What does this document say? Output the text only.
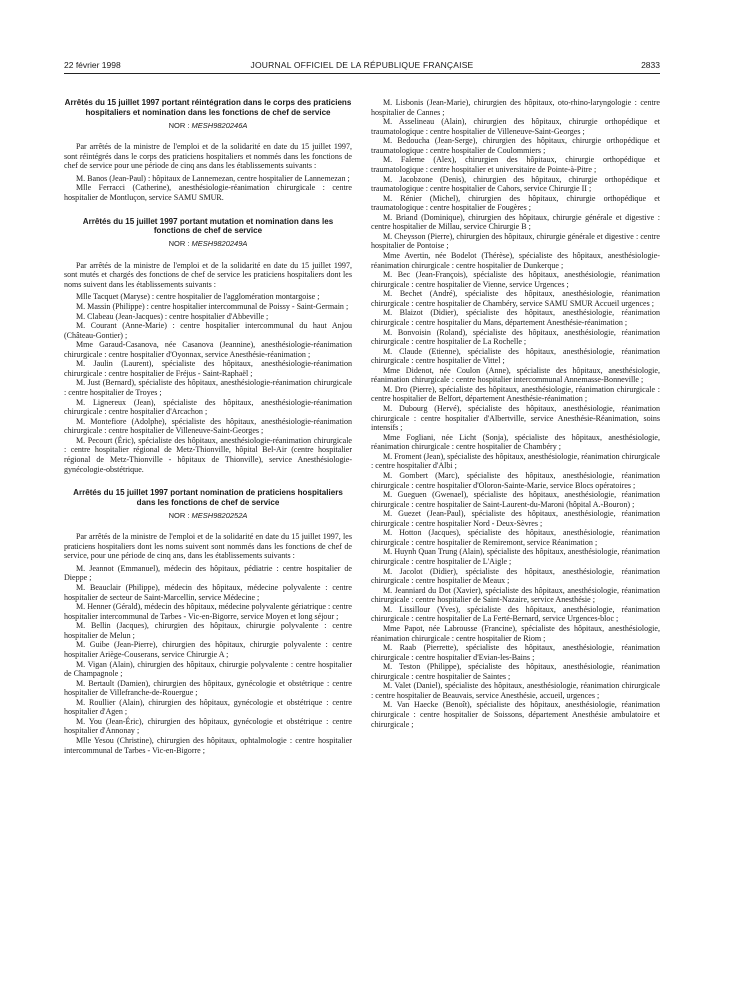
22 février 1998	JOURNAL OFFICIEL DE LA RÉPUBLIQUE FRANÇAISE	2833
Arrêtés du 15 juillet 1997 portant réintégration dans le corps des praticiens hospitaliers et nomination dans les fonctions de chef de service
NOR : MESH9820246A

Par arrêtés de la ministre de l'emploi et de la solidarité en date du 15 juillet 1997, sont réintégrés dans le corps des praticiens hospitaliers et nommés dans les fonctions de chef de service pour une période de cinq ans dans les établissements suivants :

M. Banos (Jean-Paul) : hôpitaux de Lannemezan, centre hospitalier de Lannemezan ;

Mlle Ferracci (Catherine), anesthésiologie-réanimation chirurgicale : centre hospitalier de Montluçon, service SAMU SMUR.

Arrêtés du 15 juillet 1997 portant mutation et nomination dans les fonctions de chef de service
NOR : MESH9820249A

Par arrêtés de la ministre de l'emploi et de la solidarité en date du 15 juillet 1997, sont mutés et chargés des fonctions de chef de service les praticiens hospitaliers dont les noms suivent dans les établissements suivants :

Mlle Tacquet (Maryse) : centre hospitalier de l'agglomération montargoise ;

M. Massin (Philippe) : centre hospitalier intercommunal de Poissy - Saint-Germain ;

M. Clabeau (Jean-Jacques) : centre hospitalier d'Abbeville ;

M. Courant (Anne-Marie) : centre hospitalier intercommunal du haut Anjou (Château-Gontier) ;

Mme Garaud-Casanova, née Casanova (Jeannine), anesthésiologie-réanimation chirurgicale : centre hospitalier d'Oyonnax, service Anesthésie-réanimation ;

M. Jaulin (Laurent), spécialiste des hôpitaux, anesthésiologie-réanimation chirurgicale : centre hospitalier de Fréjus - Saint-Raphaël ;

M. Just (Bernard), spécialiste des hôpitaux, anesthésiologie-réanimation chirurgicale : centre hospitalier de Troyes ;

M. Lignereux (Jean), spécialiste des hôpitaux, anesthésiologie-réanimation chirurgicale : centre hospitalier d'Arcachon ;

M. Montefiore (Adolphe), spécialiste des hôpitaux, anesthésiologie-réanimation chirurgicale : centre hospitalier de Villeneuve-Saint-Georges ;

M. Pecourt (Éric), spécialiste des hôpitaux, anesthésiologie-réanimation chirurgicale : centre hospitalier régional de Metz-Thionville, hôpital Bel-Air (centre hospitalier régional de Metz-Thionville - hôpitaux de Thionville), service Anesthésiologie-gynécologie-obstétrique.

Arrêtés du 15 juillet 1997 portant nomination de praticiens hospitaliers dans les fonctions de chef de service
NOR : MESH9820252A

Par arrêtés de la ministre de l'emploi et de la solidarité en date du 15 juillet 1997, les praticiens hospitaliers dont les noms suivent sont nommés dans les fonctions de chef de service, pour une période de cinq ans, dans les établissements suivants :

M. Jeannot (Emmanuel), médecin des hôpitaux, pédiatrie : centre hospitalier de Dieppe ;

M. Beauclair (Philippe), médecin des hôpitaux, médecine polyvalente : centre hospitalier de secteur de Saint-Marcellin, service Médecine ;

M. Henner (Gérald), médecin des hôpitaux, médecine polyvalente gériatrique : centre hospitalier intercommunal de Tarbes - Vic-en-Bigorre, service Moyen et long séjour ;

M. Bellin (Jacques), chirurgien des hôpitaux, chirurgie polyvalente : centre hospitalier de Melun ;

M. Guibe (Jean-Pierre), chirurgien des hôpitaux, chirurgie polyvalente : centre hospitalier Ariège-Couserans, service Chirurgie A ;

M. Vigan (Alain), chirurgien des hôpitaux, chirurgie polyvalente : centre hospitalier de Champagnole ;

M. Bertault (Damien), chirurgien des hôpitaux, gynécologie et obstétrique : centre hospitalier de Villefranche-de-Rouergue ;

M. Roullier (Alain), chirurgien des hôpitaux, gynécologie et obstétrique : centre hospitalier d'Agen ;

M. You (Jean-Éric), chirurgien des hôpitaux, gynécologie et obstétrique : centre hospitalier d'Annonay ;

Mlle Yesou (Christine), chirurgien des hôpitaux, ophtalmologie : centre hospitalier intercommunal de Tarbes - Vic-en-Bigorre ;

M. Lisbonis (Jean-Marie), chirurgien des hôpitaux, oto-rhino-laryngologie : centre hospitalier de Cannes ;

M. Asselineau (Alain), chirurgien des hôpitaux, chirurgie orthopédique et traumatologique : centre hospitalier de Villeneuve-Saint-Georges ;

M. Bedoucha (Jean-Serge), chirurgien des hôpitaux, chirurgie orthopédique et traumatologique : centre hospitalier de Coulommiers ;

M. Faleme (Alex), chirurgien des hôpitaux, chirurgie orthopédique et traumatologique : centre hospitalier et universitaire de Pointe-à-Pitre ;

M. Jacobzone (Denis), chirurgien des hôpitaux, chirurgie orthopédique et traumatologique : centre hospitalier de Cahors, service Chirurgie II ;

M. Rénier (Michel), chirurgien des hôpitaux, chirurgie orthopédique et traumatologique : centre hospitalier de Fougères ;

M. Briand (Dominique), chirurgien des hôpitaux, chirurgie générale et digestive : centre hospitalier de Millau, service Chirurgie B ;

M. Cheysson (Pierre), chirurgien des hôpitaux, chirurgie générale et digestive : centre hospitalier de Pontoise ;

Mme Avertin, née Bodelot (Thérèse), spécialiste des hôpitaux, anesthésiologie-réanimation chirurgicale : centre hospitalier de Dunkerque ;

M. Bec (Jean-François), spécialiste des hôpitaux, anesthésiologie, réanimation chirurgicale : centre hospitalier de Vienne, service Urgences ;

M. Bechet (André), spécialiste des hôpitaux, anesthésiologie, réanimation chirurgicale : centre hospitalier de Chambéry, service SAMU SMUR Accueil urgences ;

M. Blaizot (Didier), spécialiste des hôpitaux, anesthésiologie, réanimation chirurgicale : centre hospitalier du Mans, département Anesthésie-réanimation ;

M. Bonvoisin (Roland), spécialiste des hôpitaux, anesthésiologie, réanimation chirurgicale : centre hospitalier de La Rochelle ;

M. Claude (Etienne), spécialiste des hôpitaux, anesthésiologie, réanimation chirurgicale : centre hospitalier de Vittel ;

Mme Didenot, née Coulon (Anne), spécialiste des hôpitaux, anesthésiologie, réanimation chirurgicale : centre hospitalier intercommunal Annemasse-Bonneville ;

M. Dro (Pierre), spécialiste des hôpitaux, anesthésiologie, réanimation chirurgicale : centre hospitalier de Belfort, département Anesthésie-réanimation ;

M. Dubourg (Hervé), spécialiste des hôpitaux, anesthésiologie, réanimation chirurgicale : centre hospitalier d'Albertville, service Anesthésie-Réanimation, soins intensifs ;

Mme Fogliani, née Licht (Sonja), spécialiste des hôpitaux, anesthésiologie, réanimation chirurgicale : centre hospitalier de Chambéry ;

M. Froment (Jean), spécialiste des hôpitaux, anesthésiologie, réanimation chirurgicale : centre hospitalier d'Albi ;

M. Gombert (Marc), spécialiste des hôpitaux, anesthésiologie, réanimation chirurgicale : centre hospitalier d'Oloron-Sainte-Marie, service Blocs opératoires ;

M. Gueguen (Gwenael), spécialiste des hôpitaux, anesthésiologie, réanimation chirurgicale : centre hospitalier de Saint-Laurent-du-Maroni (hôpital A.-Bouron) ;

M. Guezet (Jean-Paul), spécialiste des hôpitaux, anesthésiologie, réanimation chirurgicale : centre hospitalier Nord - Deux-Sèvres ;

M. Hotton (Jacques), spécialiste des hôpitaux, anesthésiologie, réanimation chirurgicale : centre hospitalier de Remiremont, service Réanimation ;

M. Huynh Quan Trung (Alain), spécialiste des hôpitaux, anesthésiologie, réanimation chirurgicale : centre hospitalier de L'Aigle ;

M. Jacolot (Didier), spécialiste des hôpitaux, anesthésiologie, réanimation chirurgicale : centre hospitalier de Meaux ;

M. Jeanniard du Dot (Xavier), spécialiste des hôpitaux, anesthésiologie, réanimation chirurgicale : centre hospitalier de Saint-Nazaire, service Anesthésie ;

M. Lissillour (Yves), spécialiste des hôpitaux, anesthésiologie, réanimation chirurgicale : centre hospitalier de La Ferté-Bernard, service Urgences-bloc ;

Mme Papot, née Labrousse (Francine), spécialiste des hôpitaux, anesthésiologie, réanimation chirurgicale : centre hospitalier de Riom ;

M. Raab (Pierrette), spécialiste des hôpitaux, anesthésiologie, réanimation chirurgicale : centre hospitalier d'Evian-les-Bains ;

M. Teston (Philippe), spécialiste des hôpitaux, anesthésiologie, réanimation chirurgicale : centre hospitalier de Saintes ;

M. Valet (Daniel), spécialiste des hôpitaux, anesthésiologie, réanimation chirurgicale : centre hospitalier de Beauvais, service Anesthésie, accueil, urgences ;

M. Van Haecke (Benoît), spécialiste des hôpitaux, anesthésiologie, réanimation chirurgicale : centre hospitalier de Soissons, département Anesthésie ambulatoire et chirurgicale ;
